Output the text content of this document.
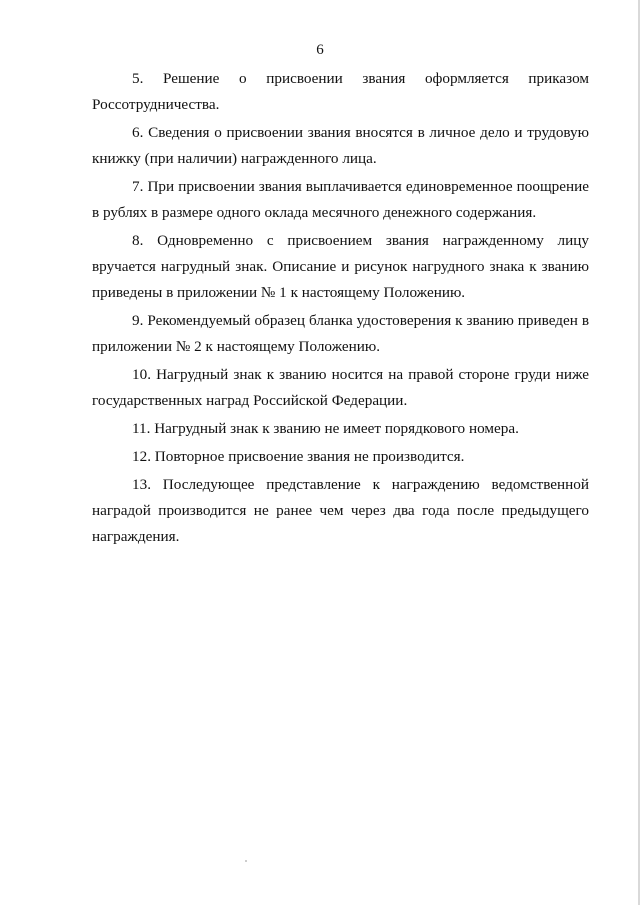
6

5. Решение о присвоении звания оформляется приказом Россотрудничества.

6. Сведения о присвоении звания вносятся в личное дело и трудовую книжку (при наличии) награжденного лица.

7. При присвоении звания выплачивается единовременное поощрение в рублях в размере одного оклада месячного денежного содержания.

8. Одновременно с присвоением звания награжденному лицу вручается нагрудный знак. Описание и рисунок нагрудного знака к званию приведены в приложении № 1 к настоящему Положению.

9. Рекомендуемый образец бланка удостоверения к званию приведен в приложении № 2 к настоящему Положению.

10. Нагрудный знак к званию носится на правой стороне груди ниже государственных наград Российской Федерации.

11. Нагрудный знак к званию не имеет порядкового номера.

12. Повторное присвоение звания не производится.

13. Последующее представление к награждению ведомственной наградой производится не ранее чем через два года после предыдущего награждения.
